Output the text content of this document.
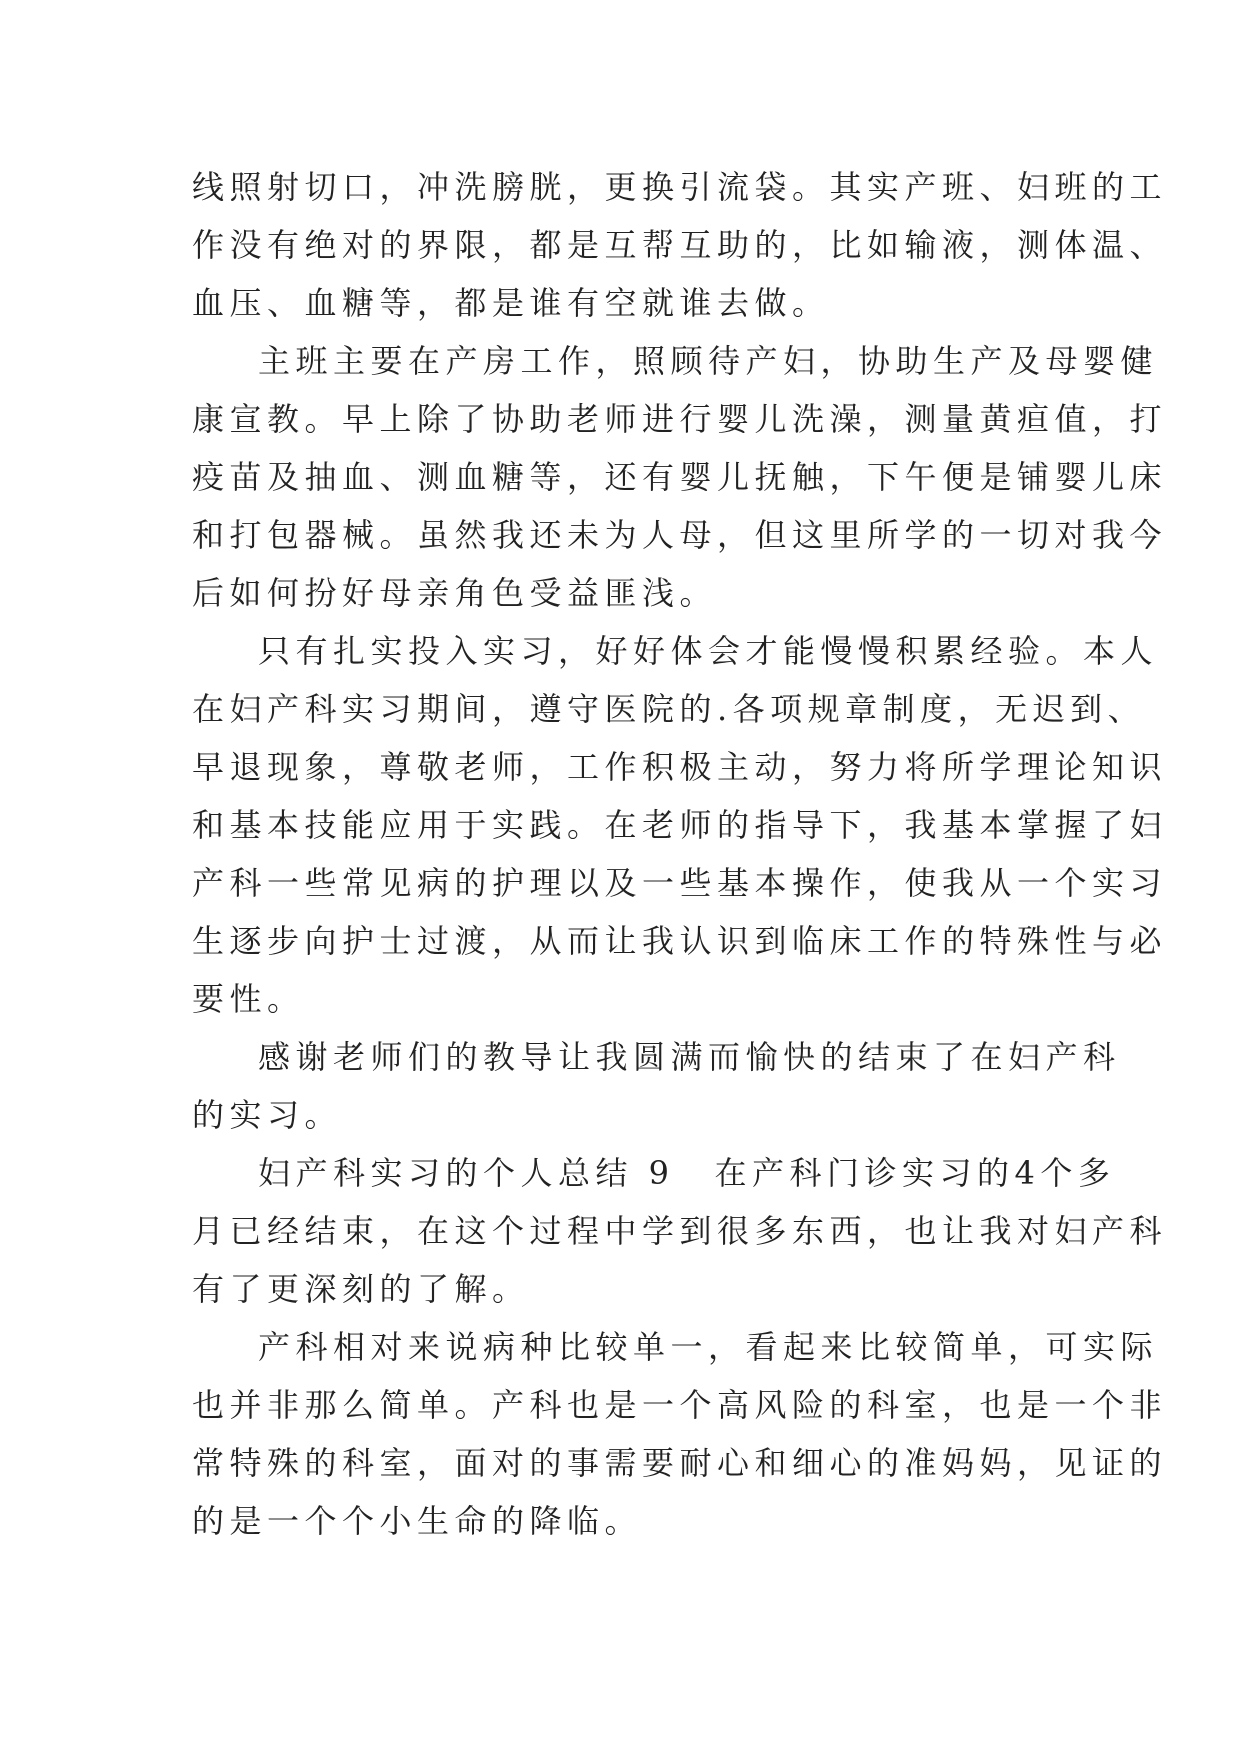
线照射切口，冲洗膀胱，更换引流袋。其实产班、妇班的工
作没有绝对的界限，都是互帮互助的，比如输液，测体温、
血压、血糖等，都是谁有空就谁去做。
主班主要在产房工作，照顾待产妇，协助生产及母婴健
康宣教。早上除了协助老师进行婴儿洗澡，测量黄疸值，打
疫苗及抽血、测血糖等，还有婴儿抚触，下午便是铺婴儿床
和打包器械。虽然我还未为人母，但这里所学的一切对我今
后如何扮好母亲角色受益匪浅。
只有扎实投入实习，好好体会才能慢慢积累经验。本人
在妇产科实习期间，遵守医院的.各项规章制度，无迟到、
早退现象，尊敬老师，工作积极主动，努力将所学理论知识
和基本技能应用于实践。在老师的指导下，我基本掌握了妇
产科一些常见病的护理以及一些基本操作，使我从一个实习
生逐步向护士过渡，从而让我认识到临床工作的特殊性与必
要性。
感谢老师们的教导让我圆满而愉快的结束了在妇产科
的实习。
妇产科实习的个人总结 9 在产科门诊实习的4个多
月已经结束，在这个过程中学到很多东西，也让我对妇产科
有了更深刻的了解。
产科相对来说病种比较单一，看起来比较简单，可实际
也并非那么简单。产科也是一个高风险的科室，也是一个非
常特殊的科室，面对的事需要耐心和细心的准妈妈，见证的
的是一个个小生命的降临。
